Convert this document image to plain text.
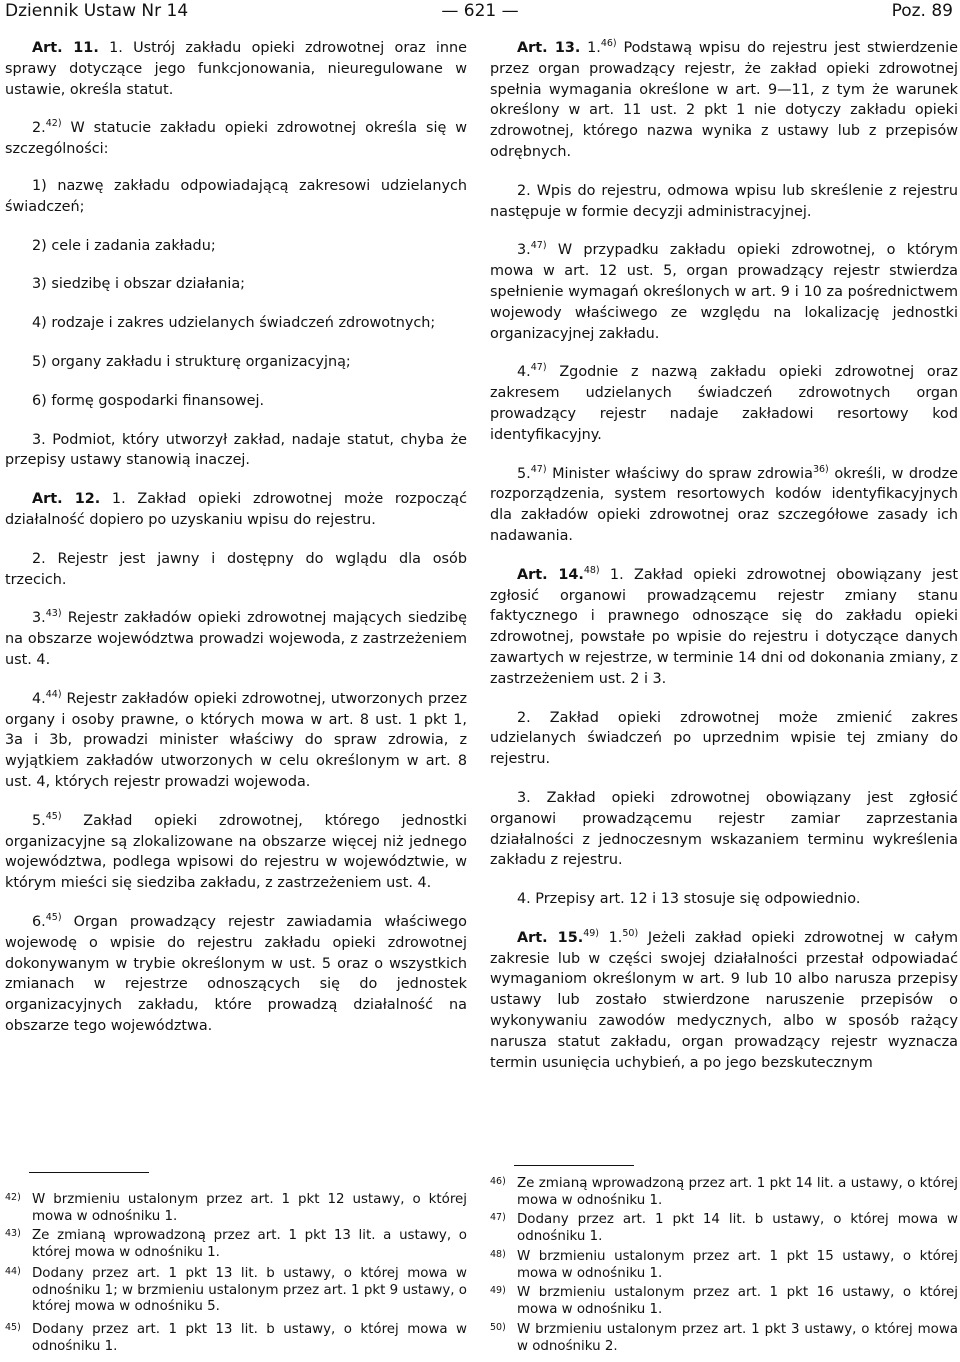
Dziennik Ustaw Nr 14	— 621 —	Poz. 89

Art. 11. 1. Ustrój zakładu opieki zdrowotnej oraz inne sprawy dotyczące jego funkcjonowania, nieuregulowane w ustawie, określa statut.

2.$^{42)}$ W statucie zakładu opieki zdrowotnej określa się w szczególności:

1) nazwę zakładu odpowiadającą zakresowi udzielanych świadczeń;

2) cele i zadania zakładu;

3) siedzibę i obszar działania;

4) rodzaje i zakres udzielanych świadczeń zdrowotnych;

5) organy zakładu i strukturę organizacyjną;

6) formę gospodarki finansowej.

3. Podmiot, który utworzył zakład, nadaje statut, chyba że przepisy ustawy stanowią inaczej.

Art. 12. 1. Zakład opieki zdrowotnej może rozpocząć działalność dopiero po uzyskaniu wpisu do rejestru.

2. Rejestr jest jawny i dostępny do wglądu dla osób trzecich.

3.$^{43)}$ Rejestr zakładów opieki zdrowotnej mających siedzibę na obszarze województwa prowadzi wojewoda, z zastrzeżeniem ust. 4.

4.$^{44)}$ Rejestr zakładów opieki zdrowotnej, utworzonych przez organy i osoby prawne, o których mowa w art. 8 ust. 1 pkt 1, 3a i 3b, prowadzi minister właściwy do spraw zdrowia, z wyjątkiem zakładów utworzonych w celu określonym w art. 8 ust. 4, których rejestr prowadzi wojewoda.

5.$^{45)}$ Zakład opieki zdrowotnej, którego jednostki organizacyjne są zlokalizowane na obszarze więcej niż jednego województwa, podlega wpisowi do rejestru w województwie, w którym mieści się siedziba zakładu, z zastrzeżeniem ust. 4.

6.$^{45)}$ Organ prowadzący rejestr zawiadamia właściwego wojewodę o wpisie do rejestru zakładu opieki zdrowotnej dokonywanym w trybie określonym w ust. 5 oraz o wszystkich zmianach w rejestrze odnoszących się do jednostek organizacyjnych zakładu, które prowadzą działalność na obszarze tego województwa.

42) W brzmieniu ustalonym przez art. 1 pkt 12 ustawy, o której mowa w odnośniku 1.
43) Ze zmianą wprowadzoną przez art. 1 pkt 13 lit. a ustawy, o której mowa w odnośniku 1.
44) Dodany przez art. 1 pkt 13 lit. b ustawy, o której mowa w odnośniku 1; w brzmieniu ustalonym przez art. 1 pkt 9 ustawy, o której mowa w odnośniku 5.
45) Dodany przez art. 1 pkt 13 lit. b ustawy, o której mowa w odnośniku 1.

Art. 13. 1.$^{46)}$ Podstawą wpisu do rejestru jest stwierdzenie przez organ prowadzący rejestr, że zakład opieki zdrowotnej spełnia wymagania określone w art. 9—11, z tym że warunek określony w art. 11 ust. 2 pkt 1 nie dotyczy zakładu opieki zdrowotnej, którego nazwa wynika z ustawy lub z przepisów odrębnych.

2. Wpis do rejestru, odmowa wpisu lub skreślenie z rejestru następuje w formie decyzji administracyjnej.

3.$^{47)}$ W przypadku zakładu opieki zdrowotnej, o którym mowa w art. 12 ust. 5, organ prowadzący rejestr stwierdza spełnienie wymagań określonych w art. 9 i 10 za pośrednictwem wojewody właściwego ze względu na lokalizację jednostki organizacyjnej zakładu.

4.$^{47)}$ Zgodnie z nazwą zakładu opieki zdrowotnej oraz zakresem udzielanych świadczeń zdrowotnych organ prowadzący rejestr nadaje zakładowi resortowy kod identyfikacyjny.

5.$^{47)}$ Minister właściwy do spraw zdrowia$^{36)}$ określi, w drodze rozporządzenia, system resortowych kodów identyfikacyjnych dla zakładów opieki zdrowotnej oraz szczegółowe zasady ich nadawania.

Art. 14.$^{48)}$ 1. Zakład opieki zdrowotnej obowiązany jest zgłosić organowi prowadzącemu rejestr zmiany stanu faktycznego i prawnego odnoszące się do zakładu opieki zdrowotnej, powstałe po wpisie do rejestru i dotyczące danych zawartych w rejestrze, w terminie 14 dni od dokonania zmiany, z zastrzeżeniem ust. 2 i 3.

2. Zakład opieki zdrowotnej może zmienić zakres udzielanych świadczeń po uprzednim wpisie tej zmiany do rejestru.

3. Zakład opieki zdrowotnej obowiązany jest zgłosić organowi prowadzącemu rejestr zamiar zaprzestania działalności z jednoczesnym wskazaniem terminu wykreślenia zakładu z rejestru.

4. Przepisy art. 12 i 13 stosuje się odpowiednio.

Art. 15.$^{49)}$ 1.$^{50)}$ Jeżeli zakład opieki zdrowotnej w całym zakresie lub w części swojej działalności przestał odpowiadać wymaganiom określonym w art. 9 lub 10 albo narusza przepisy ustawy lub zostało stwierdzone naruszenie przepisów o wykonywaniu zawodów medycznych, albo w sposób rażący narusza statut zakładu, organ prowadzący rejestr wyznacza termin usunięcia uchybień, a po jego bezskutecznym

46) Ze zmianą wprowadzoną przez art. 1 pkt 14 lit. a ustawy, o której mowa w odnośniku 1.
47) Dodany przez art. 1 pkt 14 lit. b ustawy, o której mowa w odnośniku 1.
48) W brzmieniu ustalonym przez art. 1 pkt 15 ustawy, o której mowa w odnośniku 1.
49) W brzmieniu ustalonym przez art. 1 pkt 16 ustawy, o której mowa w odnośniku 1.
50) W brzmieniu ustalonym przez art. 1 pkt 3 ustawy, o której mowa w odnośniku 2.
